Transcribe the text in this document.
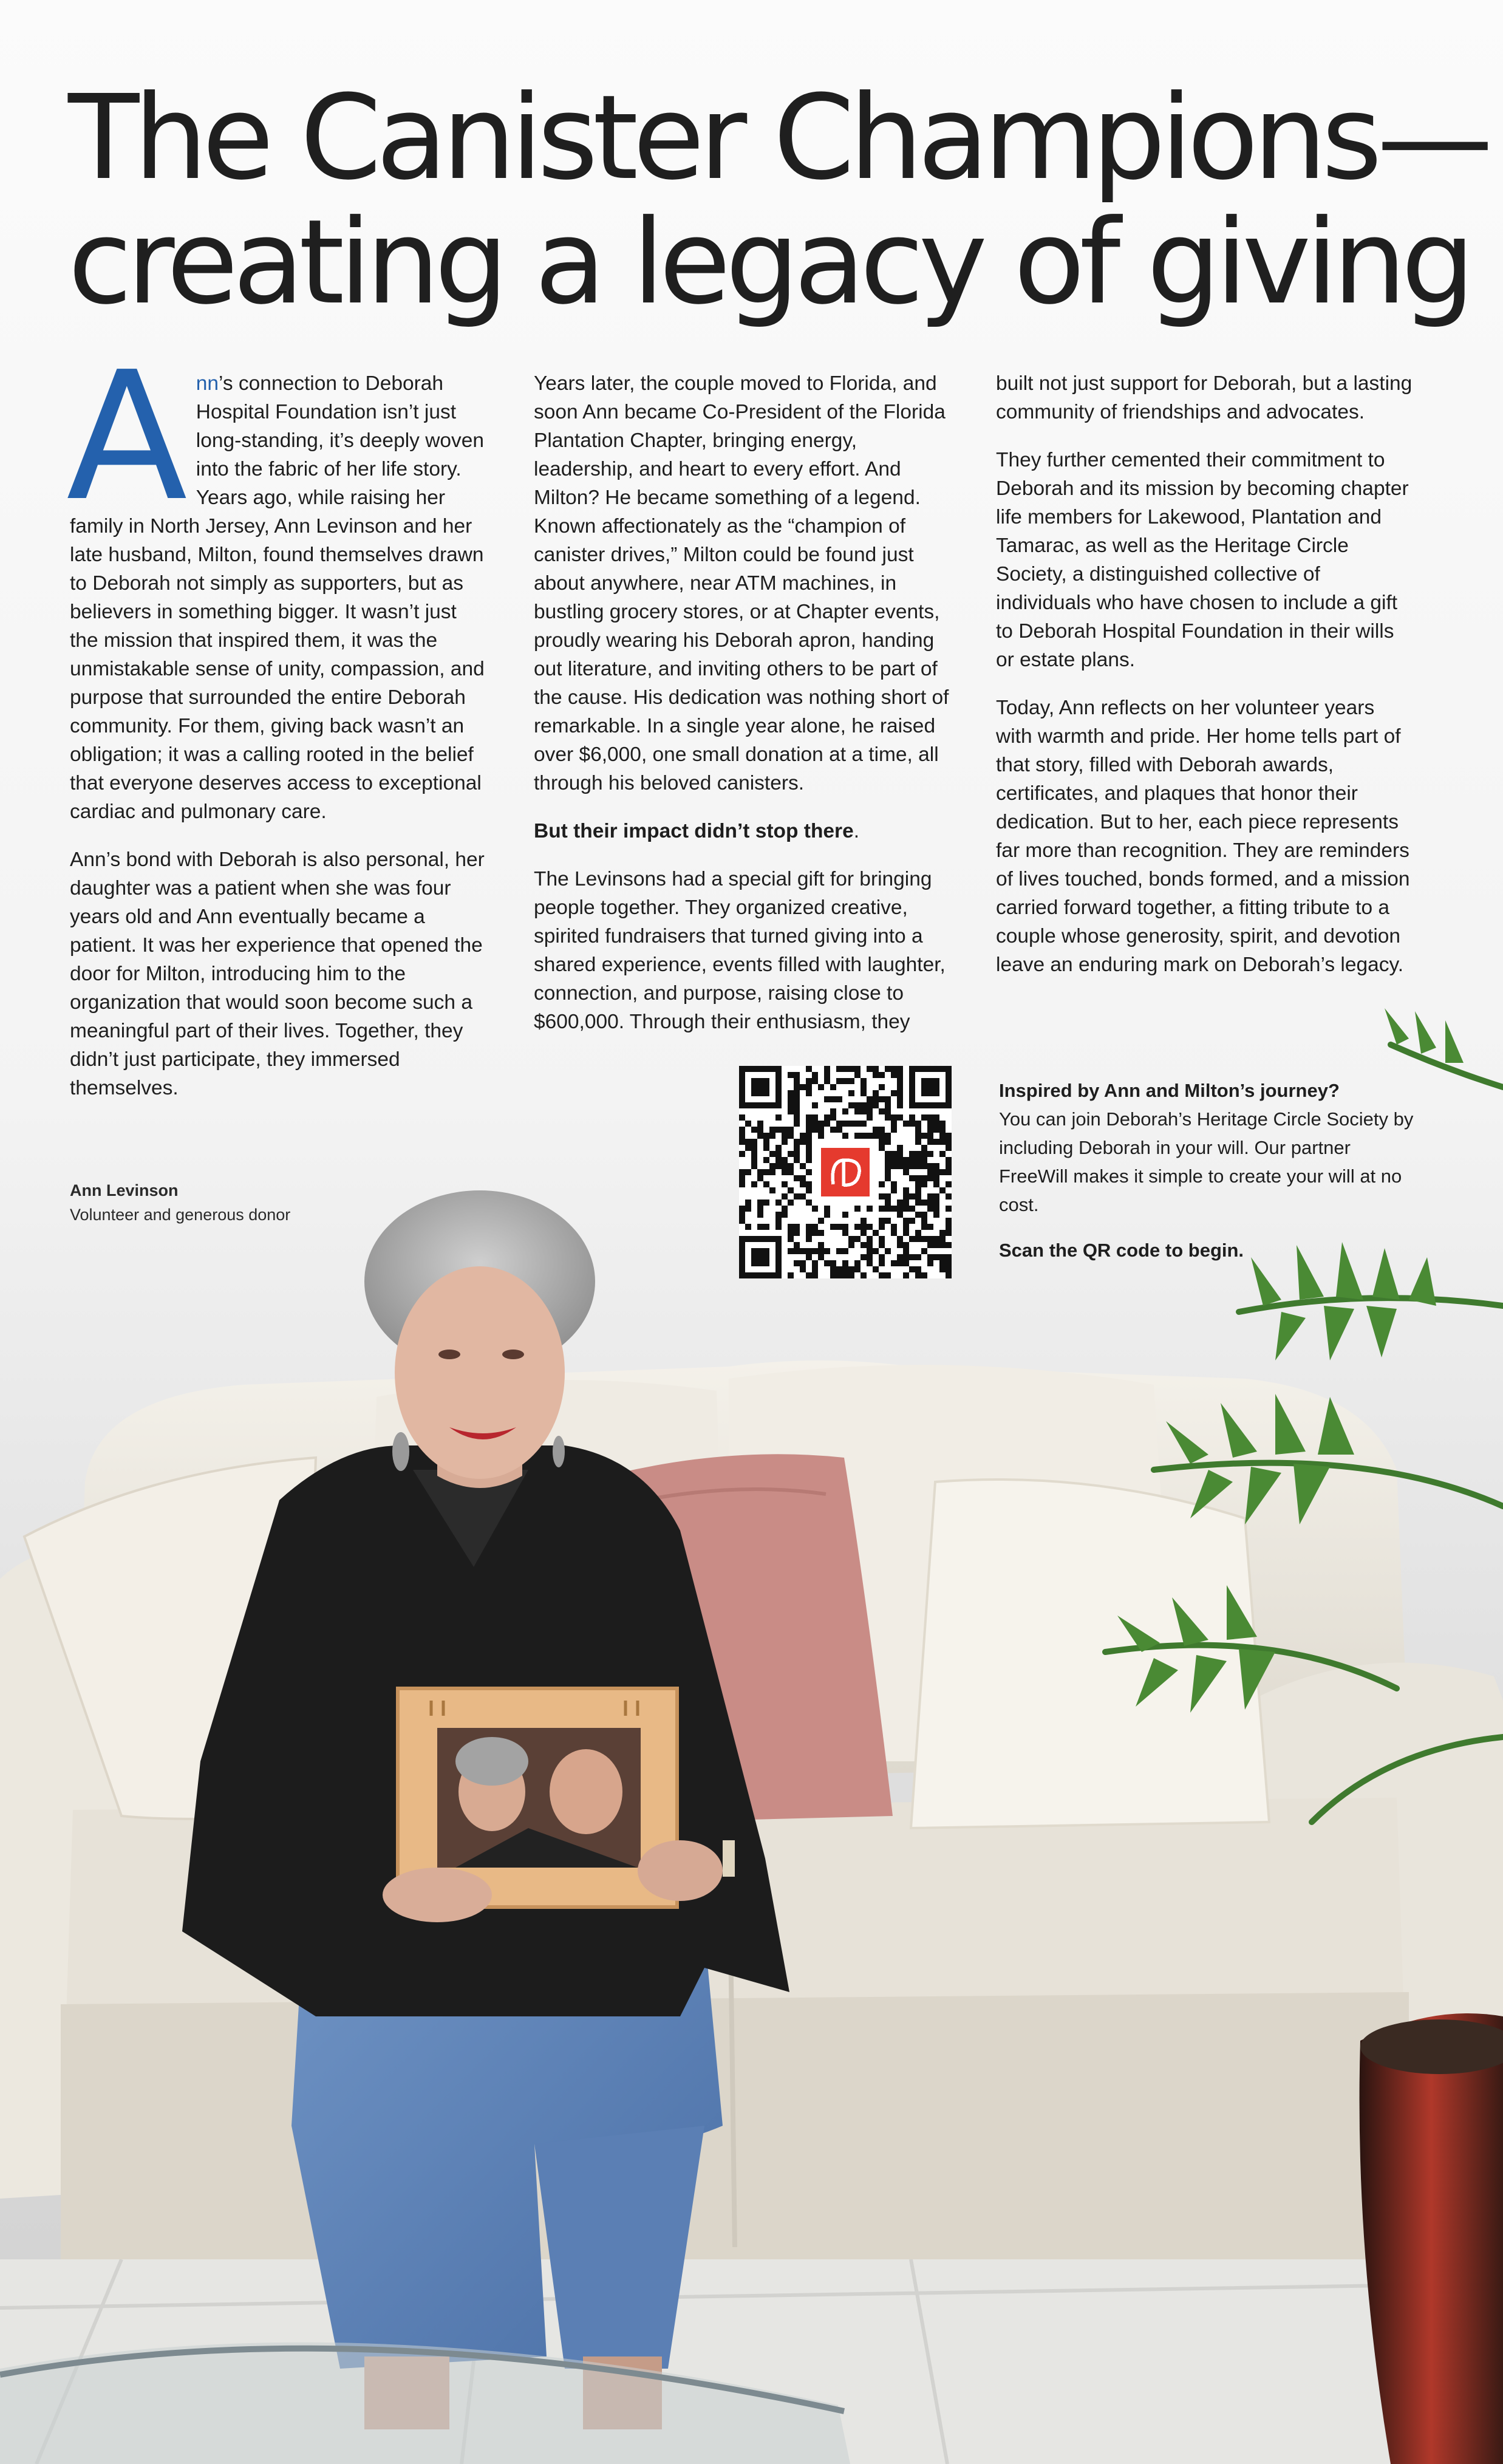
The Canister Champions—
creating a legacy of giving

Ann’s connection to Deborah Hospital Foundation isn’t just long-standing, it’s deeply woven into the fabric of her life story. Years ago, while raising her family in North Jersey, Ann Levinson and her late husband, Milton, found themselves drawn to Deborah not simply as supporters, but as believers in something bigger. It wasn’t just the mission that inspired them, it was the unmistakable sense of unity, compassion, and purpose that surrounded the entire Deborah community. For them, giving back wasn’t an obligation; it was a calling rooted in the belief that everyone deserves access to exceptional cardiac and pulmonary care.

Ann’s bond with Deborah is also personal, her daughter was a patient when she was four years old and Ann eventually became a patient. It was her experience that opened the door for Milton, introducing him to the organization that would soon become such a meaningful part of their lives. Together, they didn’t just participate, they immersed themselves.

Years later, the couple moved to Florida, and soon Ann became Co-President of the Florida Plantation Chapter, bringing energy, leadership, and heart to every effort. And Milton? He became something of a legend. Known affectionately as the “champion of canister drives,” Milton could be found just about anywhere, near ATM machines, in bustling grocery stores, or at Chapter events, proudly wearing his Deborah apron, handing out literature, and inviting others to be part of the cause. His dedication was nothing short of remarkable. In a single year alone, he raised over $6,000, one small donation at a time, all through his beloved canisters.

But their impact didn’t stop there.

The Levinsons had a special gift for bringing people together. They organized creative, spirited fundraisers that turned giving into a shared experience, events filled with laughter, connection, and purpose, raising close to $600,000. Through their enthusiasm, they

built not just support for Deborah, but a lasting community of friendships and advocates.

They further cemented their commitment to Deborah and its mission by becoming chapter life members for Lakewood, Plantation and Tamarac, as well as the Heritage Circle Society, a distinguished collective of individuals who have chosen to include a gift to Deborah Hospital Foundation in their wills or estate plans.

Today, Ann reflects on her volunteer years with warmth and pride. Her home tells part of that story, filled with Deborah awards, certificates, and plaques that honor their dedication. But to her, each piece represents far more than recognition. They are reminders of lives touched, bonds formed, and a mission carried forward together, a fitting tribute to a couple whose generosity, spirit, and devotion leave an enduring mark on Deborah’s legacy.

Ann Levinson
Volunteer and generous donor

Inspired by Ann and Milton’s journey?
You can join Deborah’s Heritage Circle Society by including Deborah in your will. Our partner FreeWill makes it simple to create your will at no cost.

Scan the QR code to begin.
